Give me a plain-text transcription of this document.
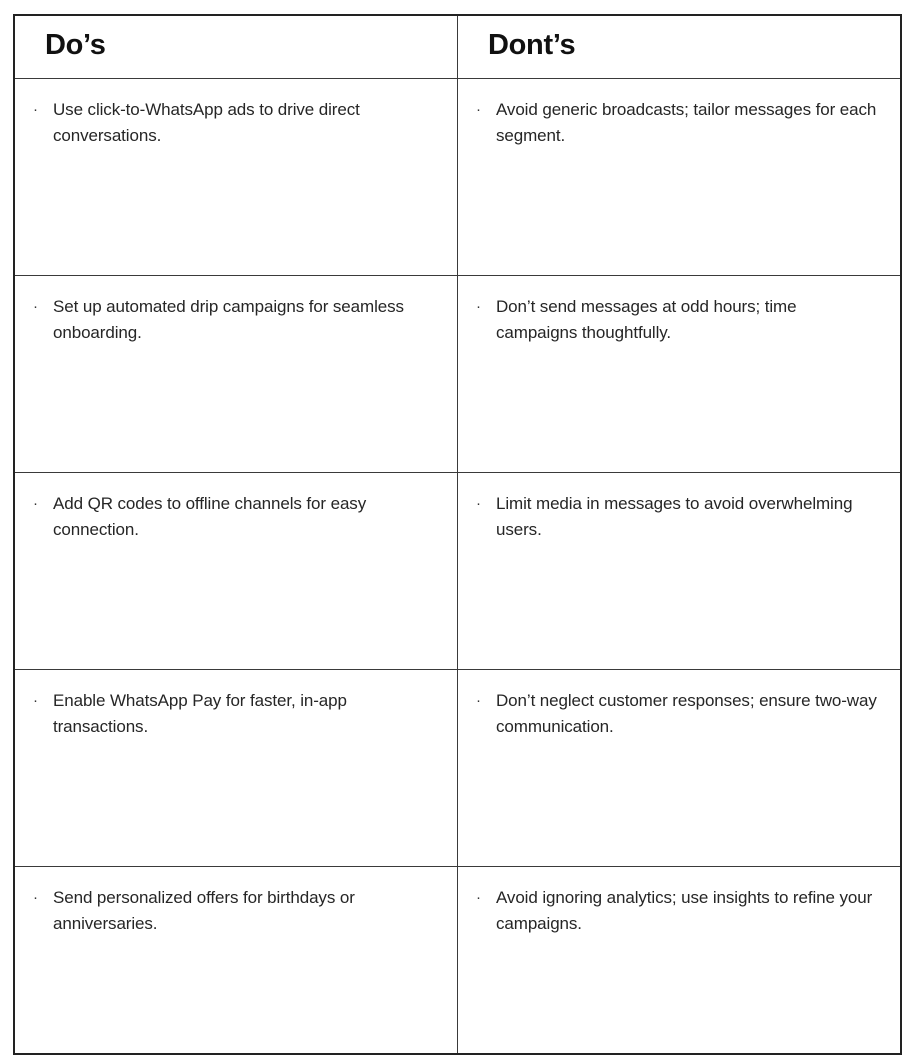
Do’s	Dont’s

· Use click-to-WhatsApp ads to drive direct conversations.	· Avoid generic broadcasts; tailor messages for each segment.

· Set up automated drip campaigns for seamless onboarding.	· Don’t send messages at odd hours; time campaigns thoughtfully.

· Add QR codes to offline channels for easy connection.	· Limit media in messages to avoid overwhelming users.

· Enable WhatsApp Pay for faster, in-app transactions.	· Don’t neglect customer responses; ensure two-way communication.

· Send personalized offers for birthdays or anniversaries.	· Avoid ignoring analytics; use insights to refine your campaigns.
